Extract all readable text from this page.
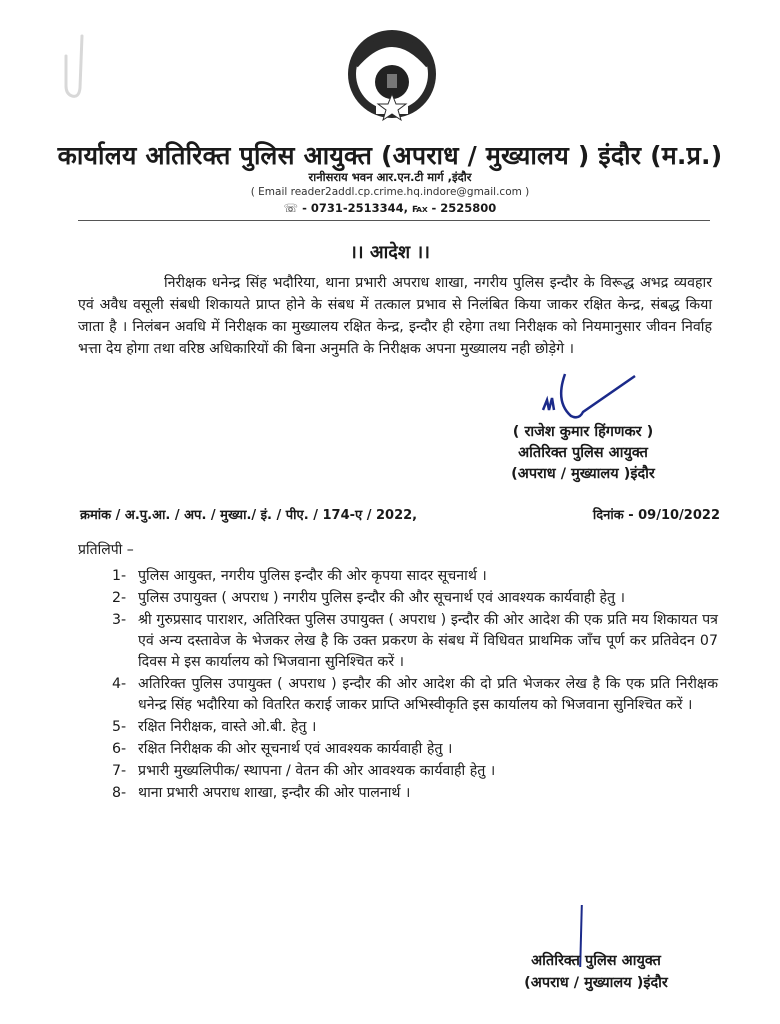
कार्यालय अतिरिक्त पुलिस आयुक्त (अपराध / मुख्यालय ) इंदौर (म.प्र.)
रानीसराय भवन आर.एन.टी मार्ग ,इंदौर
( Email reader2addl.cp.crime.hq.indore@gmail.com )
☏ - 0731-2513344, ℻ - 2525800
।। आदेश ।।
निरीक्षक धनेन्द्र सिंह भदौरिया, थाना प्रभारी अपराध शाखा, नगरीय पुलिस इन्दौर के विरूद्ध अभद्र व्यवहार एवं अवैध वसूली संबधी शिकायते प्राप्त होने के संबध में तत्काल प्रभाव से निलंबित किया जाकर रक्षित केन्द्र, संबद्ध किया जाता है । निलंबन अवधि में निरीक्षक का मुख्यालय रक्षित केन्द्र, इन्दौर ही रहेगा तथा निरीक्षक को नियमानुसार जीवन निर्वाह भत्ता देय होगा तथा वरिष्ठ अधिकारियों की बिना अनुमति के निरीक्षक अपना मुख्यालय नही छोड़ेगे ।
( राजेश कुमार हिंगणकर )
अतिरिक्त पुलिस आयुक्त
(अपराध / मुख्यालय )इंदौर
क्रमांक / अ.पु.आ. / अप. / मुख्या./ इं. / पीए. / 174-ए / 2022,	दिनांक - 09/10/2022
प्रतिलिपी –
1- पुलिस आयुक्त, नगरीय पुलिस इन्दौर की ओर कृपया सादर सूचनार्थ ।
2- पुलिस उपायुक्त ( अपराध ) नगरीय पुलिस इन्दौर की और सूचनार्थ एवं आवश्यक कार्यवाही हेतु ।
3- श्री गुरुप्रसाद पाराशर, अतिरिक्त पुलिस उपायुक्त ( अपराध ) इन्दौर की ओर आदेश की एक प्रति मय शिकायत पत्र एवं अन्य दस्तावेज के भेजकर लेख है कि उक्त प्रकरण के संबध में विधिवत प्राथमिक जाँच पूर्ण कर प्रतिवेदन 07 दिवस मे इस कार्यालय को भिजवाना सुनिश्चित करें ।
4- अतिरिक्त पुलिस उपायुक्त ( अपराध ) इन्दौर की ओर आदेश की दो प्रति भेजकर लेख है कि एक प्रति निरीक्षक धनेन्द्र सिंह भदौरिया को वितरित कराई जाकर प्राप्ति अभिस्वीकृति इस कार्यालय को भिजवाना सुनिश्चित करें ।
5- रक्षित निरीक्षक, वास्ते ओ.बी. हेतु ।
6- रक्षित निरीक्षक की ओर सूचनार्थ एवं आवश्यक कार्यवाही हेतु ।
7- प्रभारी मुख्यलिपीक/ स्थापना / वेतन की ओर आवश्यक कार्यवाही हेतु ।
8- थाना प्रभारी अपराध शाखा, इन्दौर की ओर पालनार्थ ।
अतिरिक्त पुलिस आयुक्त
(अपराध / मुख्यालय )इंदौर
